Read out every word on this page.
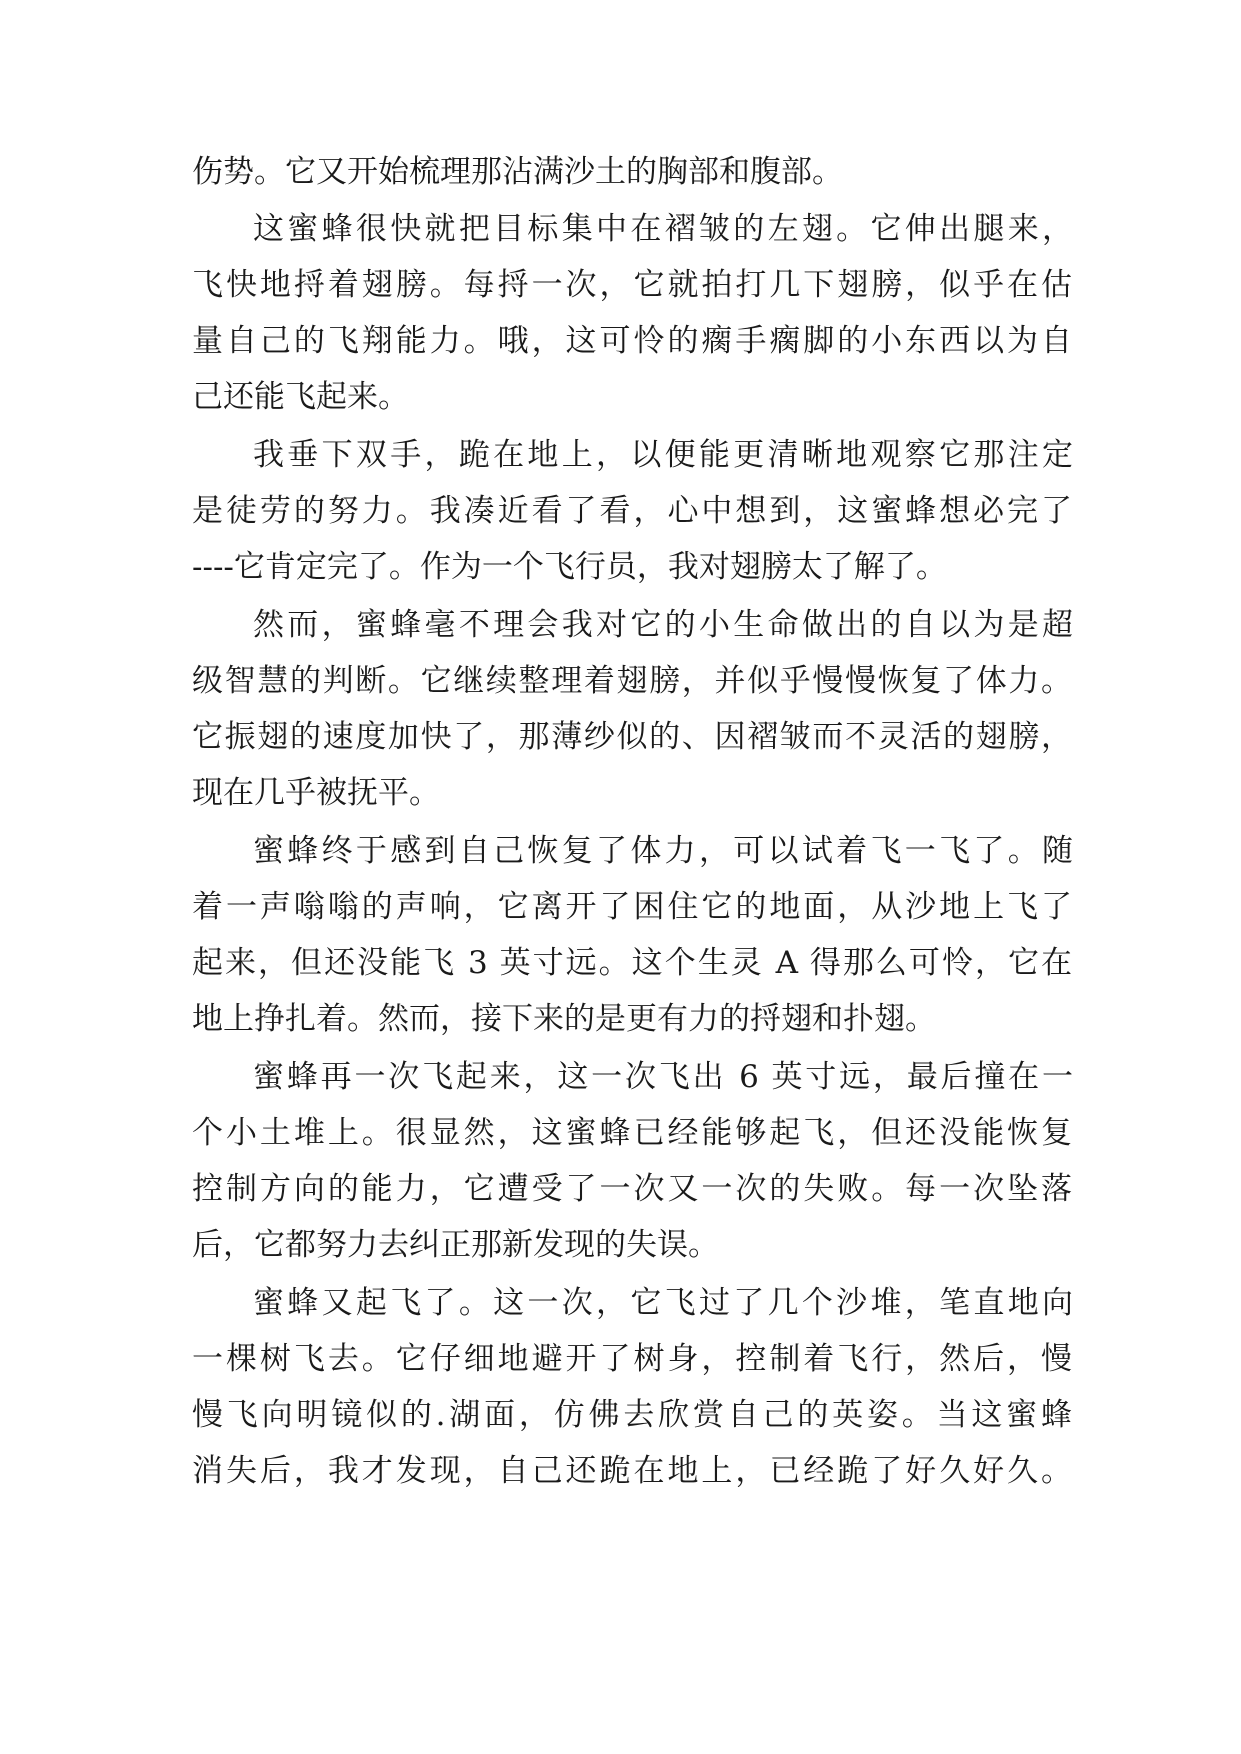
伤势。它又开始梳理那沾满沙土的胸部和腹部。
这蜜蜂很快就把目标集中在褶皱的左翅。它伸出腿来，
飞快地捋着翅膀。每捋一次，它就拍打几下翅膀，似乎在估
量自己的飞翔能力。哦，这可怜的瘸手瘸脚的小东西以为自
己还能飞起来。
我垂下双手，跪在地上，以便能更清晰地观察它那注定
是徒劳的努力。我凑近看了看，心中想到，这蜜蜂想必完了
----它肯定完了。作为一个飞行员，我对翅膀太了解了。
然而，蜜蜂毫不理会我对它的小生命做出的自以为是超
级智慧的判断。它继续整理着翅膀，并似乎慢慢恢复了体力。
它振翅的速度加快了，那薄纱似的、因褶皱而不灵活的翅膀，
现在几乎被抚平。
蜜蜂终于感到自己恢复了体力，可以试着飞一飞了。随
着一声嗡嗡的声响，它离开了困住它的地面，从沙地上飞了
起来，但还没能飞 3 英寸远。这个生灵 A 得那么可怜，它在
地上挣扎着。然而，接下来的是更有力的捋翅和扑翅。
蜜蜂再一次飞起来，这一次飞出 6 英寸远，最后撞在一
个小土堆上。很显然，这蜜蜂已经能够起飞，但还没能恢复
控制方向的能力，它遭受了一次又一次的失败。每一次坠落
后，它都努力去纠正那新发现的失误。
蜜蜂又起飞了。这一次，它飞过了几个沙堆，笔直地向
一棵树飞去。它仔细地避开了树身，控制着飞行，然后，慢
慢飞向明镜似的.湖面，仿佛去欣赏自己的英姿。当这蜜蜂
消失后，我才发现，自己还跪在地上，已经跪了好久好久。
